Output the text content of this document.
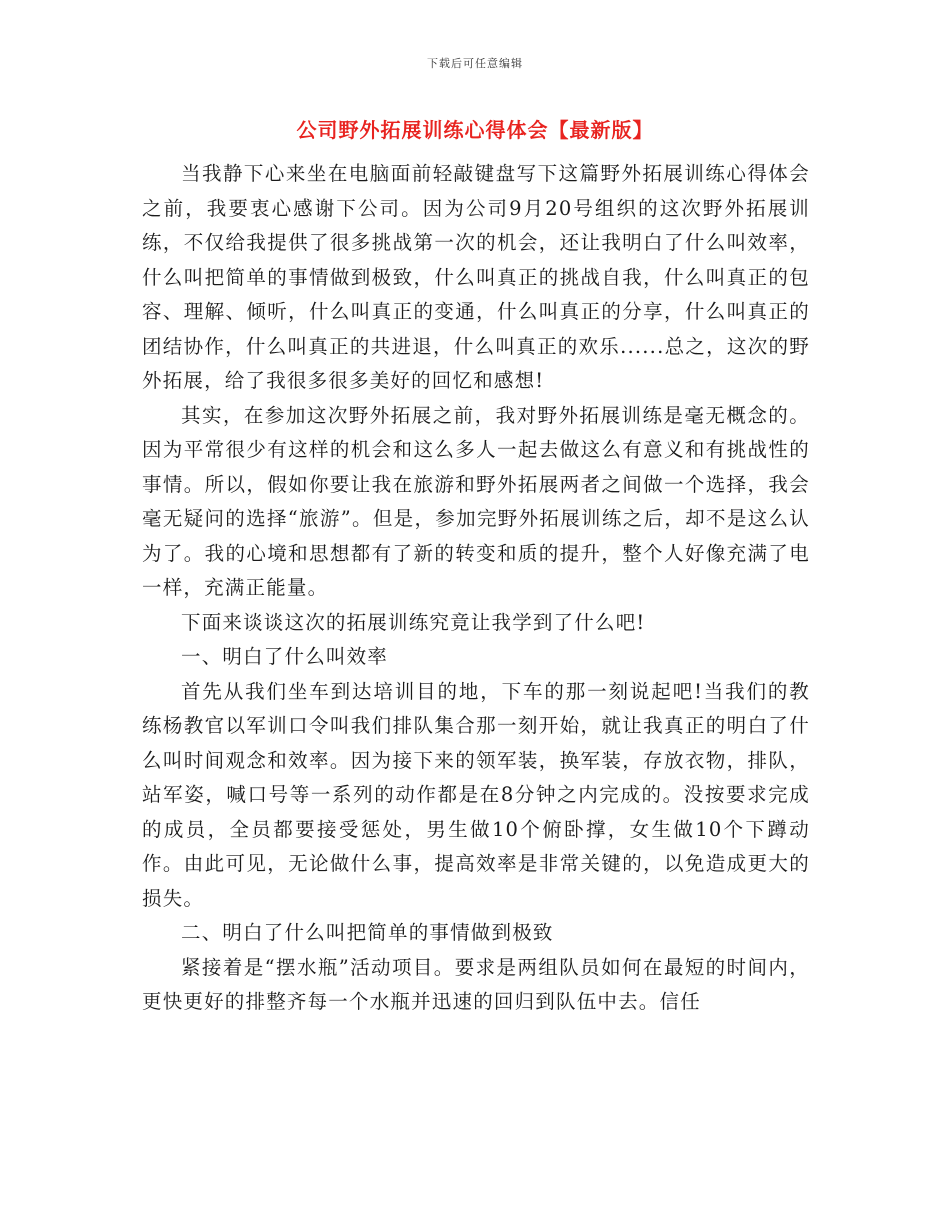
下载后可任意编辑
公司野外拓展训练心得体会【最新版】

当我静下心来坐在电脑面前轻敲键盘写下这篇野外拓展训练心得体会之前，我要衷心感谢下公司。因为公司9月20号组织的这次野外拓展训练，不仅给我提供了很多挑战第一次的机会，还让我明白了什么叫效率，什么叫把简单的事情做到极致，什么叫真正的挑战自我，什么叫真正的包容、理解、倾听，什么叫真正的变通，什么叫真正的分享，什么叫真正的团结协作，什么叫真正的共进退，什么叫真正的欢乐......总之，这次的野外拓展，给了我很多很多美好的回忆和感想!

其实，在参加这次野外拓展之前，我对野外拓展训练是毫无概念的。因为平常很少有这样的机会和这么多人一起去做这么有意义和有挑战性的事情。所以，假如你要让我在旅游和野外拓展两者之间做一个选择，我会毫无疑问的选择“旅游”。但是，参加完野外拓展训练之后，却不是这么认为了。我的心境和思想都有了新的转变和质的提升，整个人好像充满了电一样，充满正能量。

下面来谈谈这次的拓展训练究竟让我学到了什么吧!

一、明白了什么叫效率

首先从我们坐车到达培训目的地，下车的那一刻说起吧!当我们的教练杨教官以军训口令叫我们排队集合那一刻开始，就让我真正的明白了什么叫时间观念和效率。因为接下来的领军装，换军装，存放衣物，排队，站军姿，喊口号等一系列的动作都是在8分钟之内完成的。没按要求完成的成员，全员都要接受惩处，男生做10个俯卧撑，女生做10个下蹲动作。由此可见，无论做什么事，提高效率是非常关键的，以免造成更大的损失。

二、明白了什么叫把简单的事情做到极致

紧接着是“摆水瓶”活动项目。要求是两组队员如何在最短的时间内，更快更好的排整齐每一个水瓶并迅速的回归到队伍中去。信任
